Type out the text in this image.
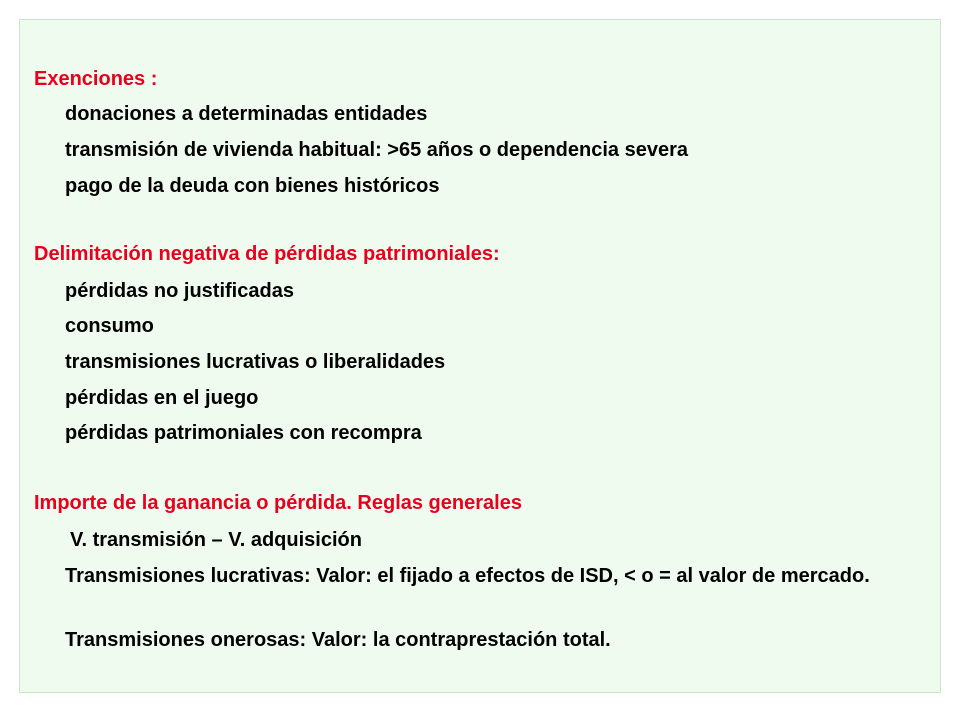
Exenciones :
donaciones a determinadas entidades
transmisión de vivienda habitual: >65 años o dependencia severa
pago de la deuda con bienes históricos
Delimitación negativa de pérdidas patrimoniales:
pérdidas no justificadas
consumo
transmisiones lucrativas o liberalidades
pérdidas en el juego
pérdidas patrimoniales con recompra
Importe de la ganancia o pérdida. Reglas generales
V. transmisión – V. adquisición
Transmisiones lucrativas: Valor: el fijado a efectos de ISD, < o = al valor de mercado.
Transmisiones onerosas: Valor: la contraprestación total.
